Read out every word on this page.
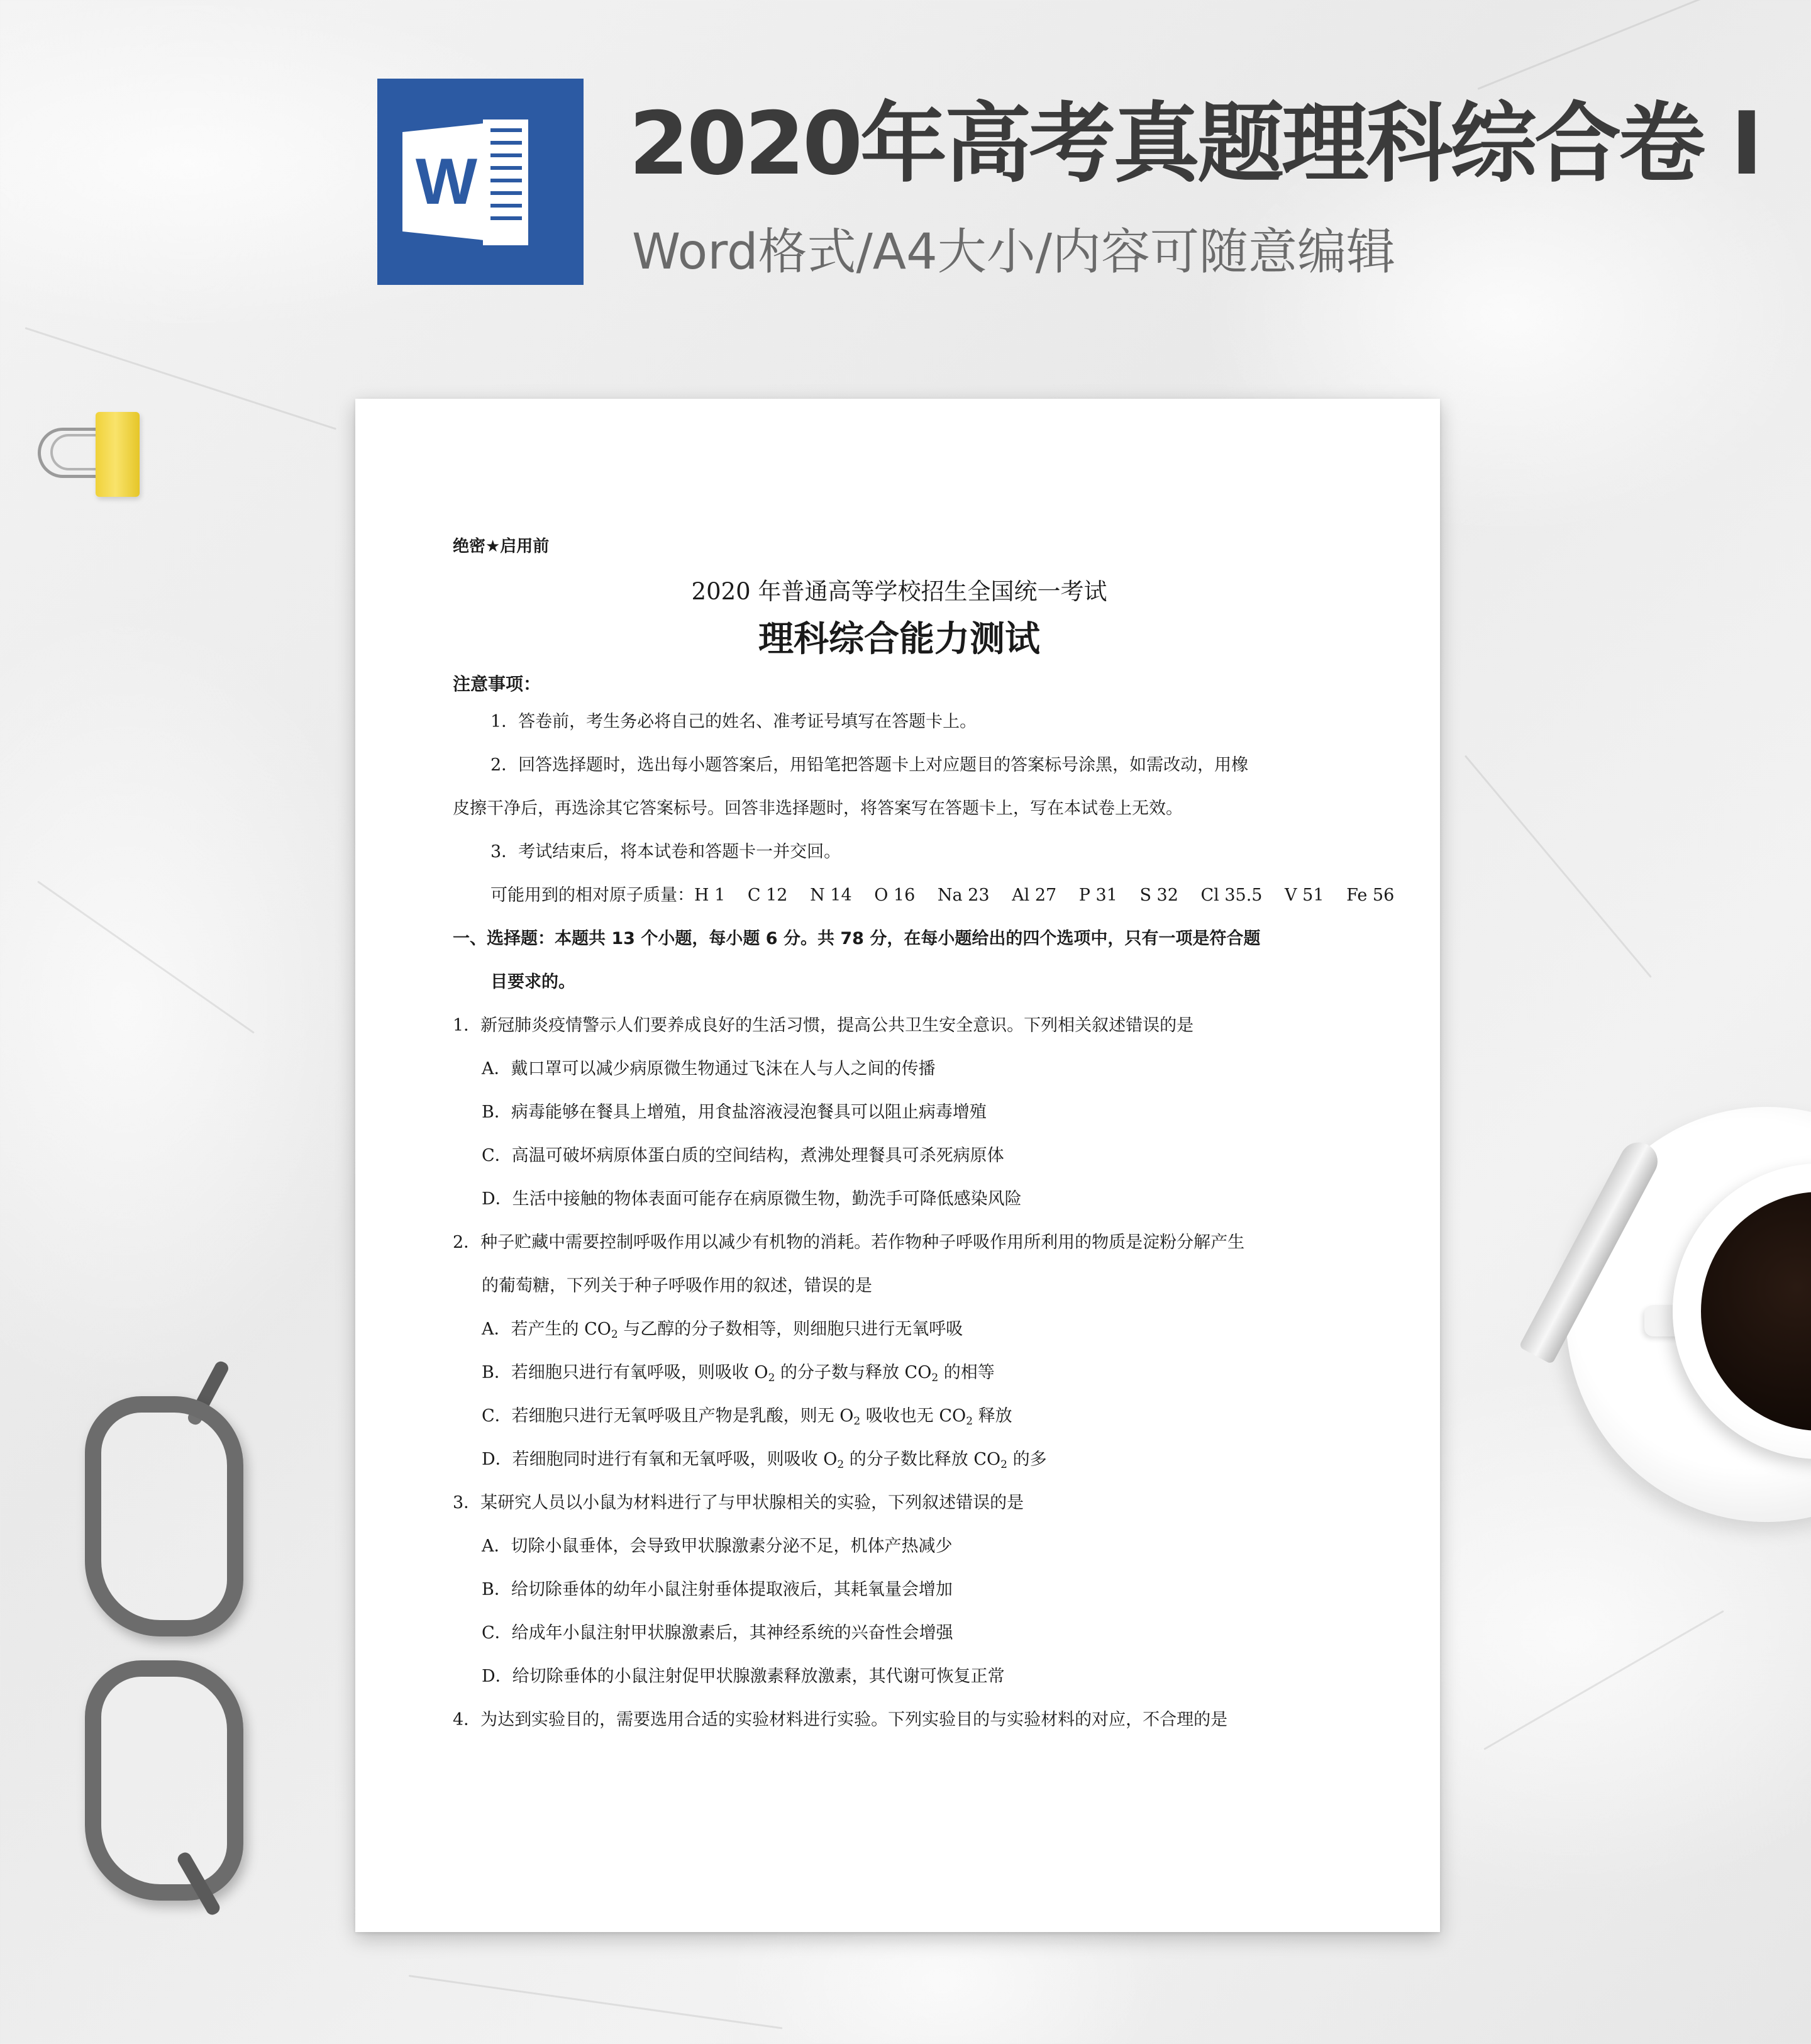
W 2020年高考真题理科综合卷 I
Word格式/A4大小/内容可随意编辑
绝密★启用前
2020 年普通高等学校招生全国统一考试
理科综合能力测试
注意事项：
1．答卷前，考生务必将自己的姓名、准考证号填写在答题卡上。
2．回答选择题时，选出每小题答案后，用铅笔把答题卡上对应题目的答案标号涂黑，如需改动，用橡
皮擦干净后，再选涂其它答案标号。回答非选择题时，将答案写在答题卡上，写在本试卷上无效。
3．考试结束后，将本试卷和答题卡一并交回。
可能用到的相对原子质量：H 1　 C 12　 N 14　 O 16　 Na 23　 Al 27　 P 31　 S 32　 Cl 35.5　 V 51　 Fe 56
一、选择题：本题共 13 个小题，每小题 6 分。共 78 分，在每小题给出的四个选项中，只有一项是符合题
目要求的。
1．新冠肺炎疫情警示人们要养成良好的生活习惯，提高公共卫生安全意识。下列相关叙述错误的是
A．戴口罩可以减少病原微生物通过飞沫在人与人之间的传播
B．病毒能够在餐具上增殖，用食盐溶液浸泡餐具可以阻止病毒增殖
C．高温可破坏病原体蛋白质的空间结构，煮沸处理餐具可杀死病原体
D．生活中接触的物体表面可能存在病原微生物，勤洗手可降低感染风险
2．种子贮藏中需要控制呼吸作用以减少有机物的消耗。若作物种子呼吸作用所利用的物质是淀粉分解产生
的葡萄糖，下列关于种子呼吸作用的叙述，错误的是
A．若产生的 $CO_2$ 与乙醇的分子数相等，则细胞只进行无氧呼吸
B．若细胞只进行有氧呼吸，则吸收 $O_2$ 的分子数与释放 $CO_2$ 的相等
C．若细胞只进行无氧呼吸且产物是乳酸，则无 $O_2$ 吸收也无 $CO_2$ 释放
D．若细胞同时进行有氧和无氧呼吸，则吸收 $O_2$ 的分子数比释放 $CO_2$ 的多
3．某研究人员以小鼠为材料进行了与甲状腺相关的实验，下列叙述错误的是
A．切除小鼠垂体，会导致甲状腺激素分泌不足，机体产热减少
B．给切除垂体的幼年小鼠注射垂体提取液后，其耗氧量会增加
C．给成年小鼠注射甲状腺激素后，其神经系统的兴奋性会增强
D．给切除垂体的小鼠注射促甲状腺激素释放激素，其代谢可恢复正常
4．为达到实验目的，需要选用合适的实验材料进行实验。下列实验目的与实验材料的对应，不合理的是
